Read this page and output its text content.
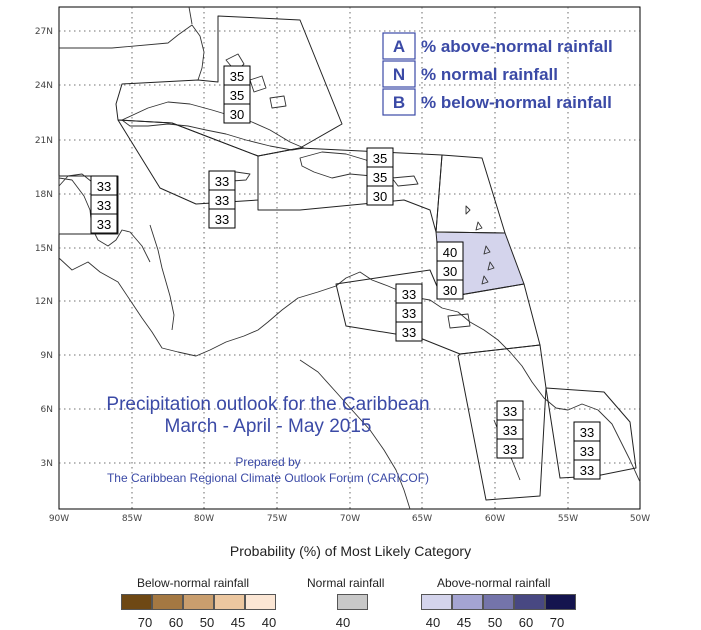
27N
24N
21N
18N
15N
12N
9N
6N
3N
90W	85W	80W	75W	70W	65W	60W	55W	50W
35
35
30
33
33
33
33
33
33
35
35
30
40
30
30
33
33
33
33
33
33
33
33
33
A % above-normal rainfall
N % normal rainfall
B % below-normal rainfall
Precipitation outlook for the Caribbean
March - April - May 2015
Prepared by
The Caribbean Regional Climate Outlook Forum (CARICOF)
Probability (%) of Most Likely Category
Below-normal rainfall	Normal rainfall	Above-normal rainfall
70	60	50	45	40	40	40	45	50	60	70
